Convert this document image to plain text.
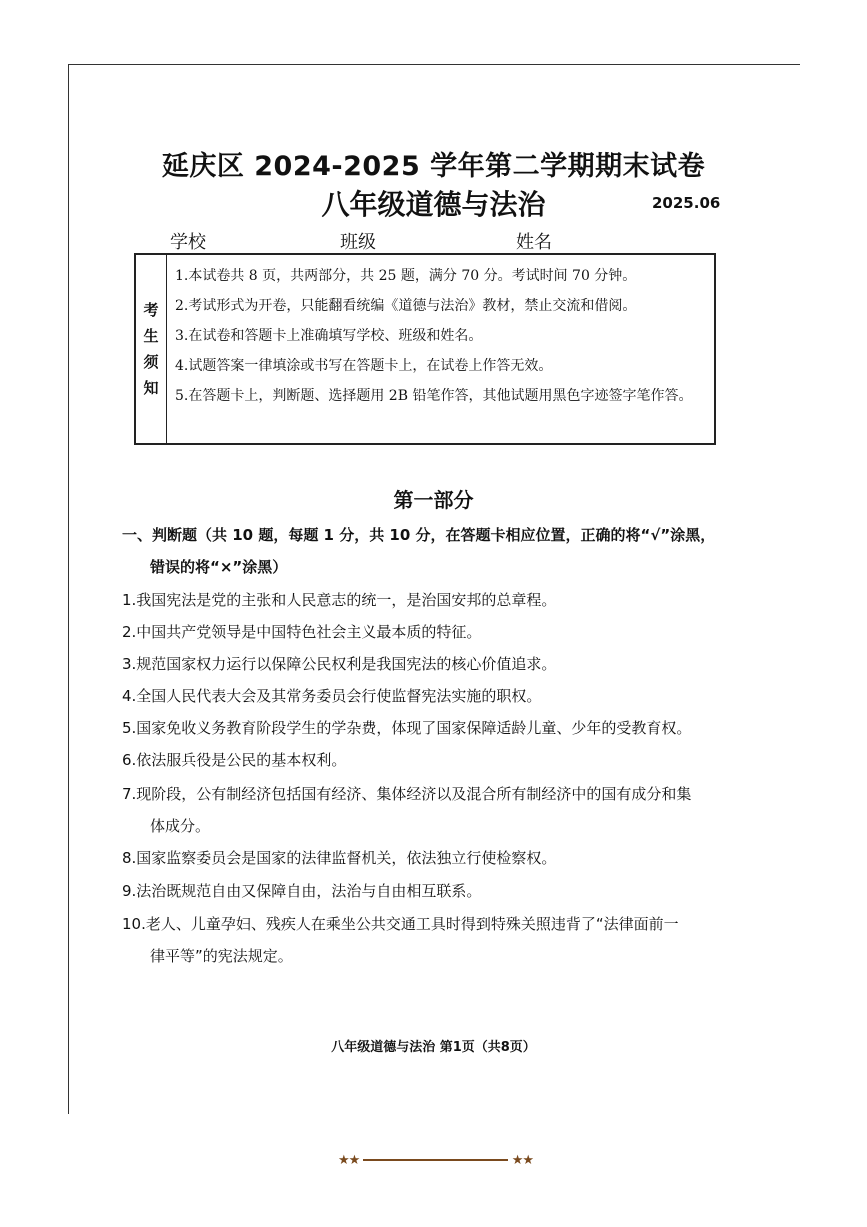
延庆区 2024-2025 学年第二学期期末试卷
八年级道德与法治	2025.06
学校	班级	姓名
考
生
须
知
1.本试卷共 8 页，共两部分，共 25 题，满分 70 分。考试时间 70 分钟。
2.考试形式为开卷，只能翻看统编《道德与法治》教材，禁止交流和借阅。
3.在试卷和答题卡上准确填写学校、班级和姓名。
4.试题答案一律填涂或书写在答题卡上，在试卷上作答无效。
5.在答题卡上，判断题、选择题用 2B 铅笔作答，其他试题用黑色字迹签字笔作答。
第一部分
一、判断题（共 10 题，每题 1 分，共 10 分，在答题卡相应位置，正确的将“√”涂黑，
错误的将“×”涂黑）
1.我国宪法是党的主张和人民意志的统一，是治国安邦的总章程。
2.中国共产党领导是中国特色社会主义最本质的特征。
3.规范国家权力运行以保障公民权利是我国宪法的核心价值追求。
4.全国人民代表大会及其常务委员会行使监督宪法实施的职权。
5.国家免收义务教育阶段学生的学杂费，体现了国家保障适龄儿童、少年的受教育权。
6.依法服兵役是公民的基本权利。
7.现阶段，公有制经济包括国有经济、集体经济以及混合所有制经济中的国有成分和集
体成分。
8.国家监察委员会是国家的法律监督机关，依法独立行使检察权。
9.法治既规范自由又保障自由，法治与自由相互联系。
10.老人、儿童孕妇、残疾人在乘坐公共交通工具时得到特殊关照违背了“法律面前一
律平等”的宪法规定。
八年级道德与法治 第1页（共8页）
★★	★★
